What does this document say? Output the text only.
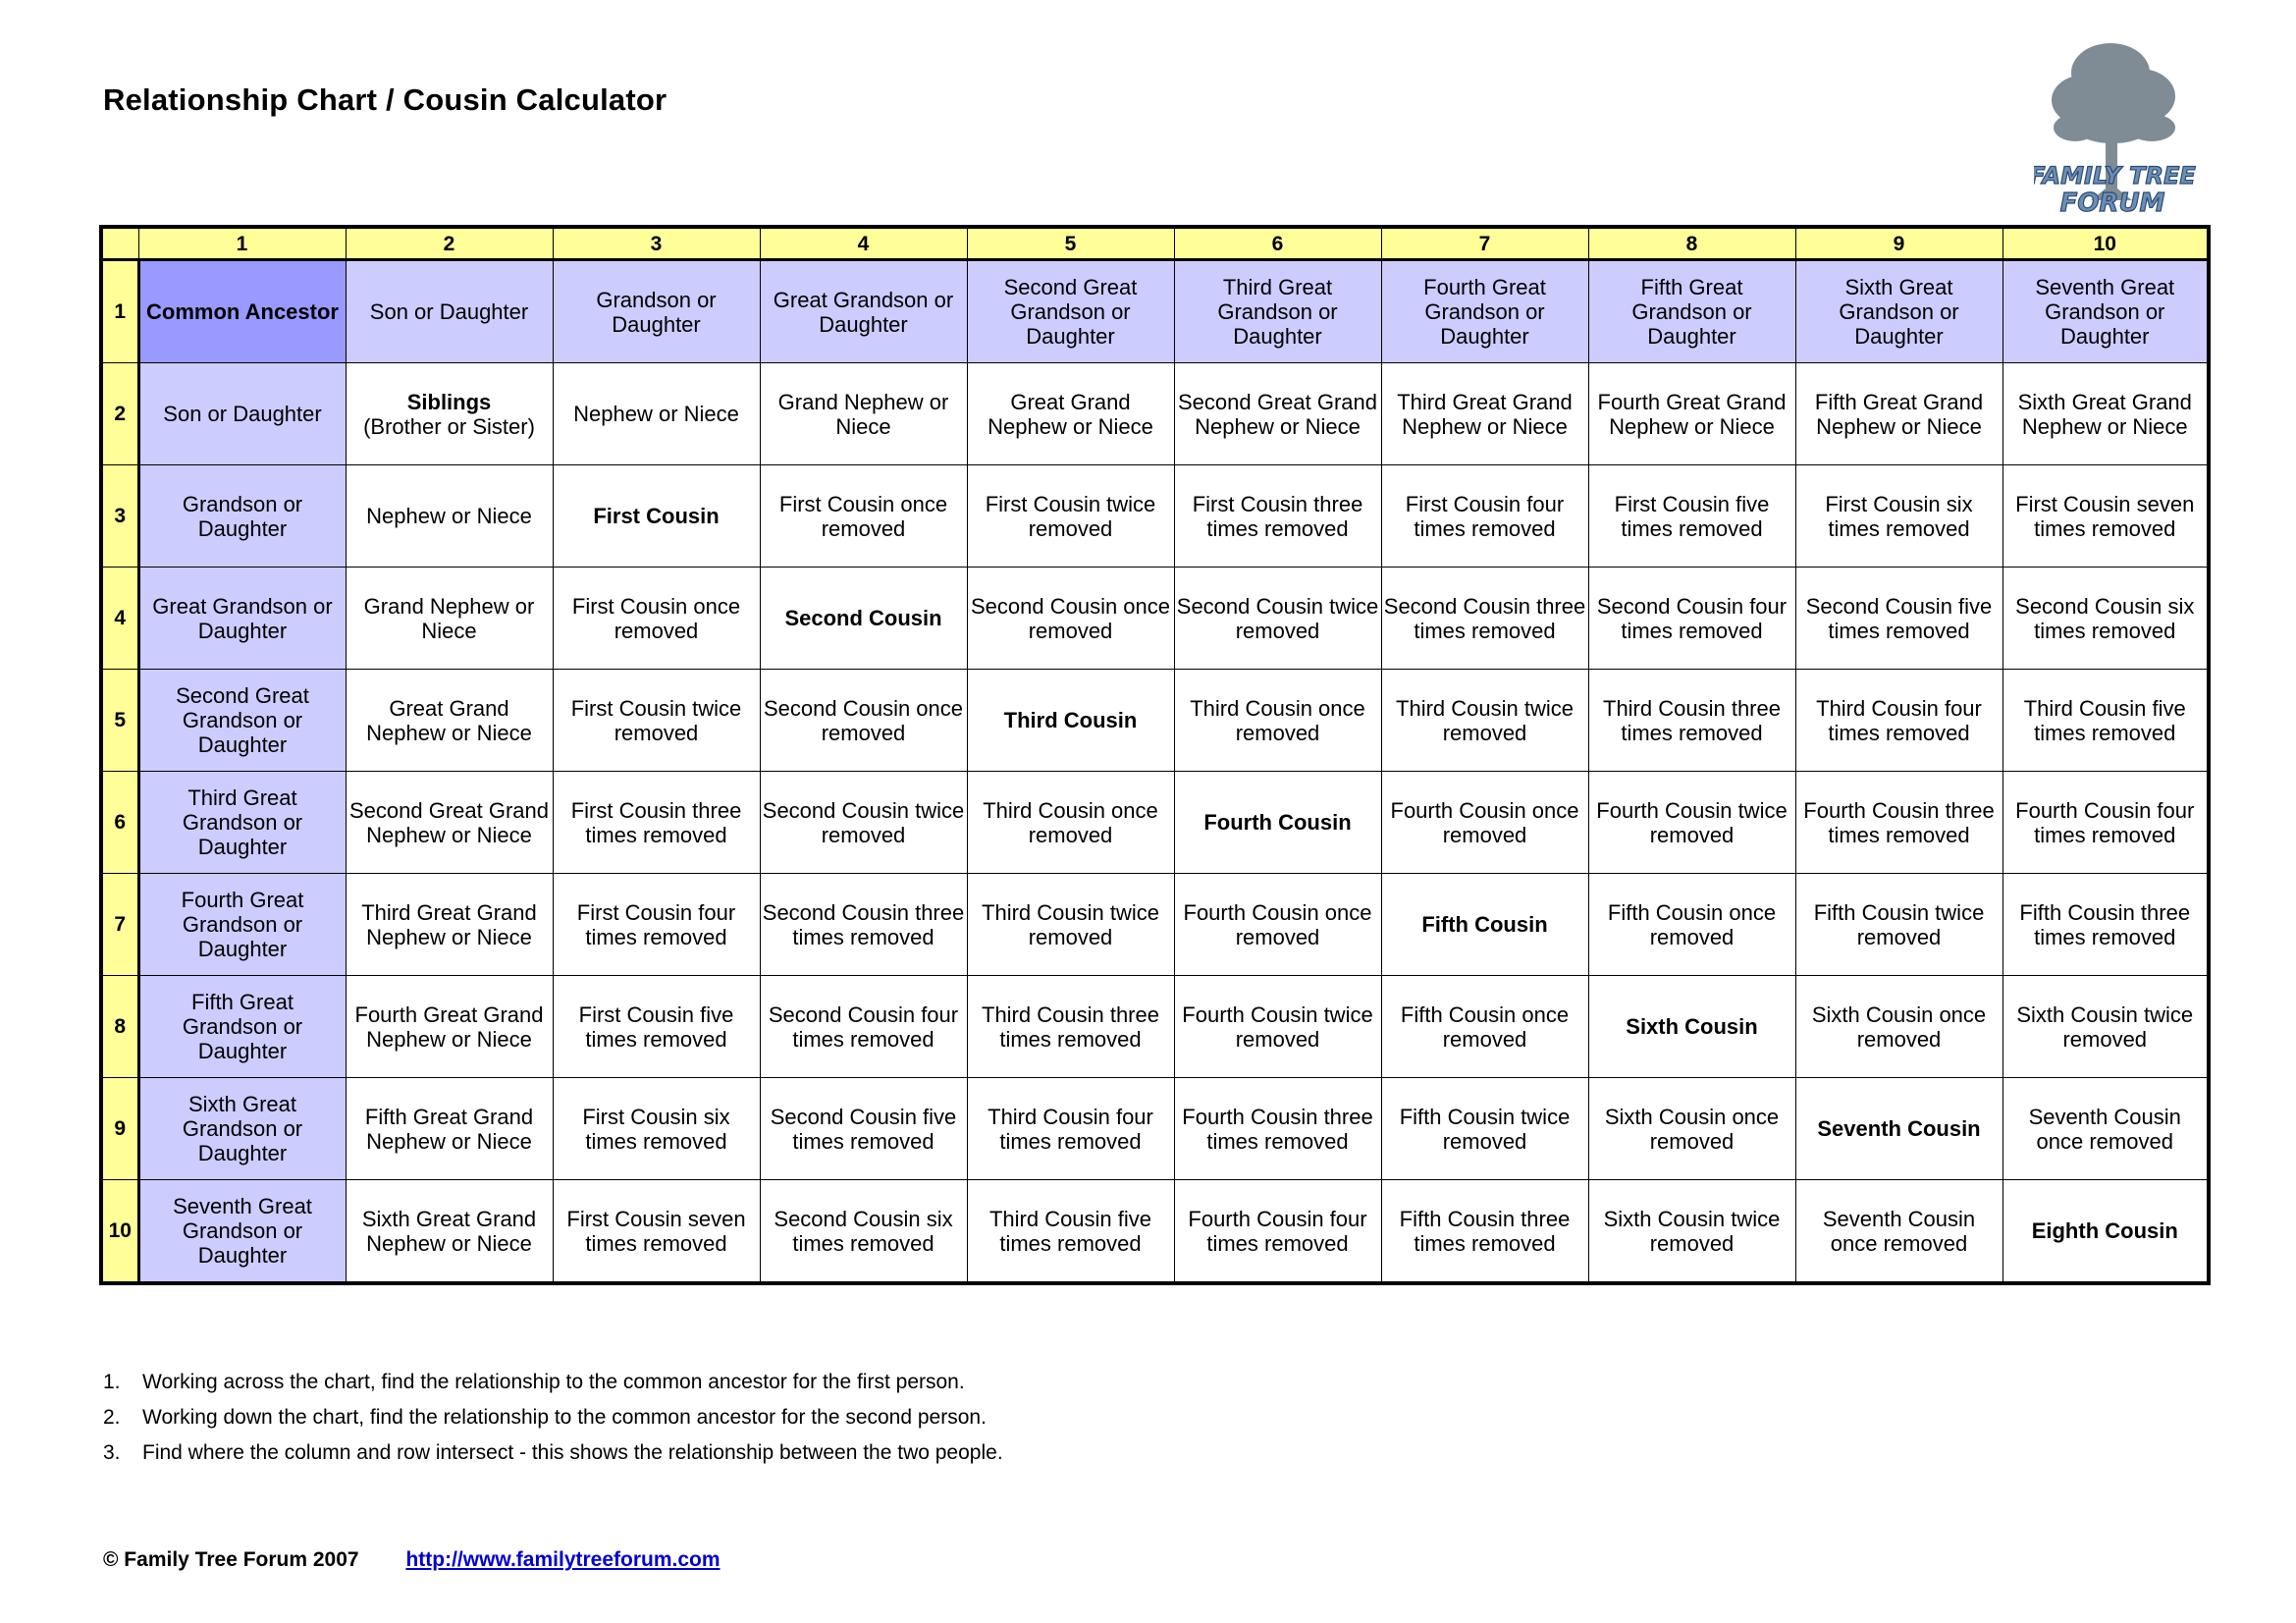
Relationship Chart / Cousin Calculator
FAMILY TREE
FORUM
	1	2	3	4	5	6	7	8	9	10
1	Common Ancestor	Son or Daughter	Grandson or Daughter	Great Grandson or Daughter	Second Great Grandson or Daughter	Third Great Grandson or Daughter	Fourth Great Grandson or Daughter	Fifth Great Grandson or Daughter	Sixth Great Grandson or Daughter	Seventh Great Grandson or Daughter
2	Son or Daughter	Siblings
(Brother or Sister)	Nephew or Niece	Grand Nephew or Niece	Great Grand Nephew or Niece	Second Great Grand Nephew or Niece	Third Great Grand Nephew or Niece	Fourth Great Grand Nephew or Niece	Fifth Great Grand Nephew or Niece	Sixth Great Grand Nephew or Niece
3	Grandson or Daughter	Nephew or Niece	First Cousin	First Cousin once removed	First Cousin twice removed	First Cousin three times removed	First Cousin four times removed	First Cousin five times removed	First Cousin six times removed	First Cousin seven times removed
4	Great Grandson or Daughter	Grand Nephew or Niece	First Cousin once removed	Second Cousin	Second Cousin once removed	Second Cousin twice removed	Second Cousin three times removed	Second Cousin four times removed	Second Cousin five times removed	Second Cousin six times removed
5	Second Great Grandson or Daughter	Great Grand Nephew or Niece	First Cousin twice removed	Second Cousin once removed	Third Cousin	Third Cousin once removed	Third Cousin twice removed	Third Cousin three times removed	Third Cousin four times removed	Third Cousin five times removed
6	Third Great Grandson or Daughter	Second Great Grand Nephew or Niece	First Cousin three times removed	Second Cousin twice removed	Third Cousin once removed	Fourth Cousin	Fourth Cousin once removed	Fourth Cousin twice removed	Fourth Cousin three times removed	Fourth Cousin four times removed
7	Fourth Great Grandson or Daughter	Third Great Grand Nephew or Niece	First Cousin four times removed	Second Cousin three times removed	Third Cousin twice removed	Fourth Cousin once removed	Fifth Cousin	Fifth Cousin once removed	Fifth Cousin twice removed	Fifth Cousin three times removed
8	Fifth Great Grandson or Daughter	Fourth Great Grand Nephew or Niece	First Cousin five times removed	Second Cousin four times removed	Third Cousin three times removed	Fourth Cousin twice removed	Fifth Cousin once removed	Sixth Cousin	Sixth Cousin once removed	Sixth Cousin twice removed
9	Sixth Great Grandson or Daughter	Fifth Great Grand Nephew or Niece	First Cousin six times removed	Second Cousin five times removed	Third Cousin four times removed	Fourth Cousin three times removed	Fifth Cousin twice removed	Sixth Cousin once removed	Seventh Cousin	Seventh Cousin once removed
10	Seventh Great Grandson or Daughter	Sixth Great Grand Nephew or Niece	First Cousin seven times removed	Second Cousin six times removed	Third Cousin five times removed	Fourth Cousin four times removed	Fifth Cousin three times removed	Sixth Cousin twice removed	Seventh Cousin once removed	Eighth Cousin
1. Working across the chart, find the relationship to the common ancestor for the first person.
2. Working down the chart, find the relationship to the common ancestor for the second person.
3. Find where the column and row intersect - this shows the relationship between the two people.
© Family Tree Forum 2007 http://www.familytreeforum.com
